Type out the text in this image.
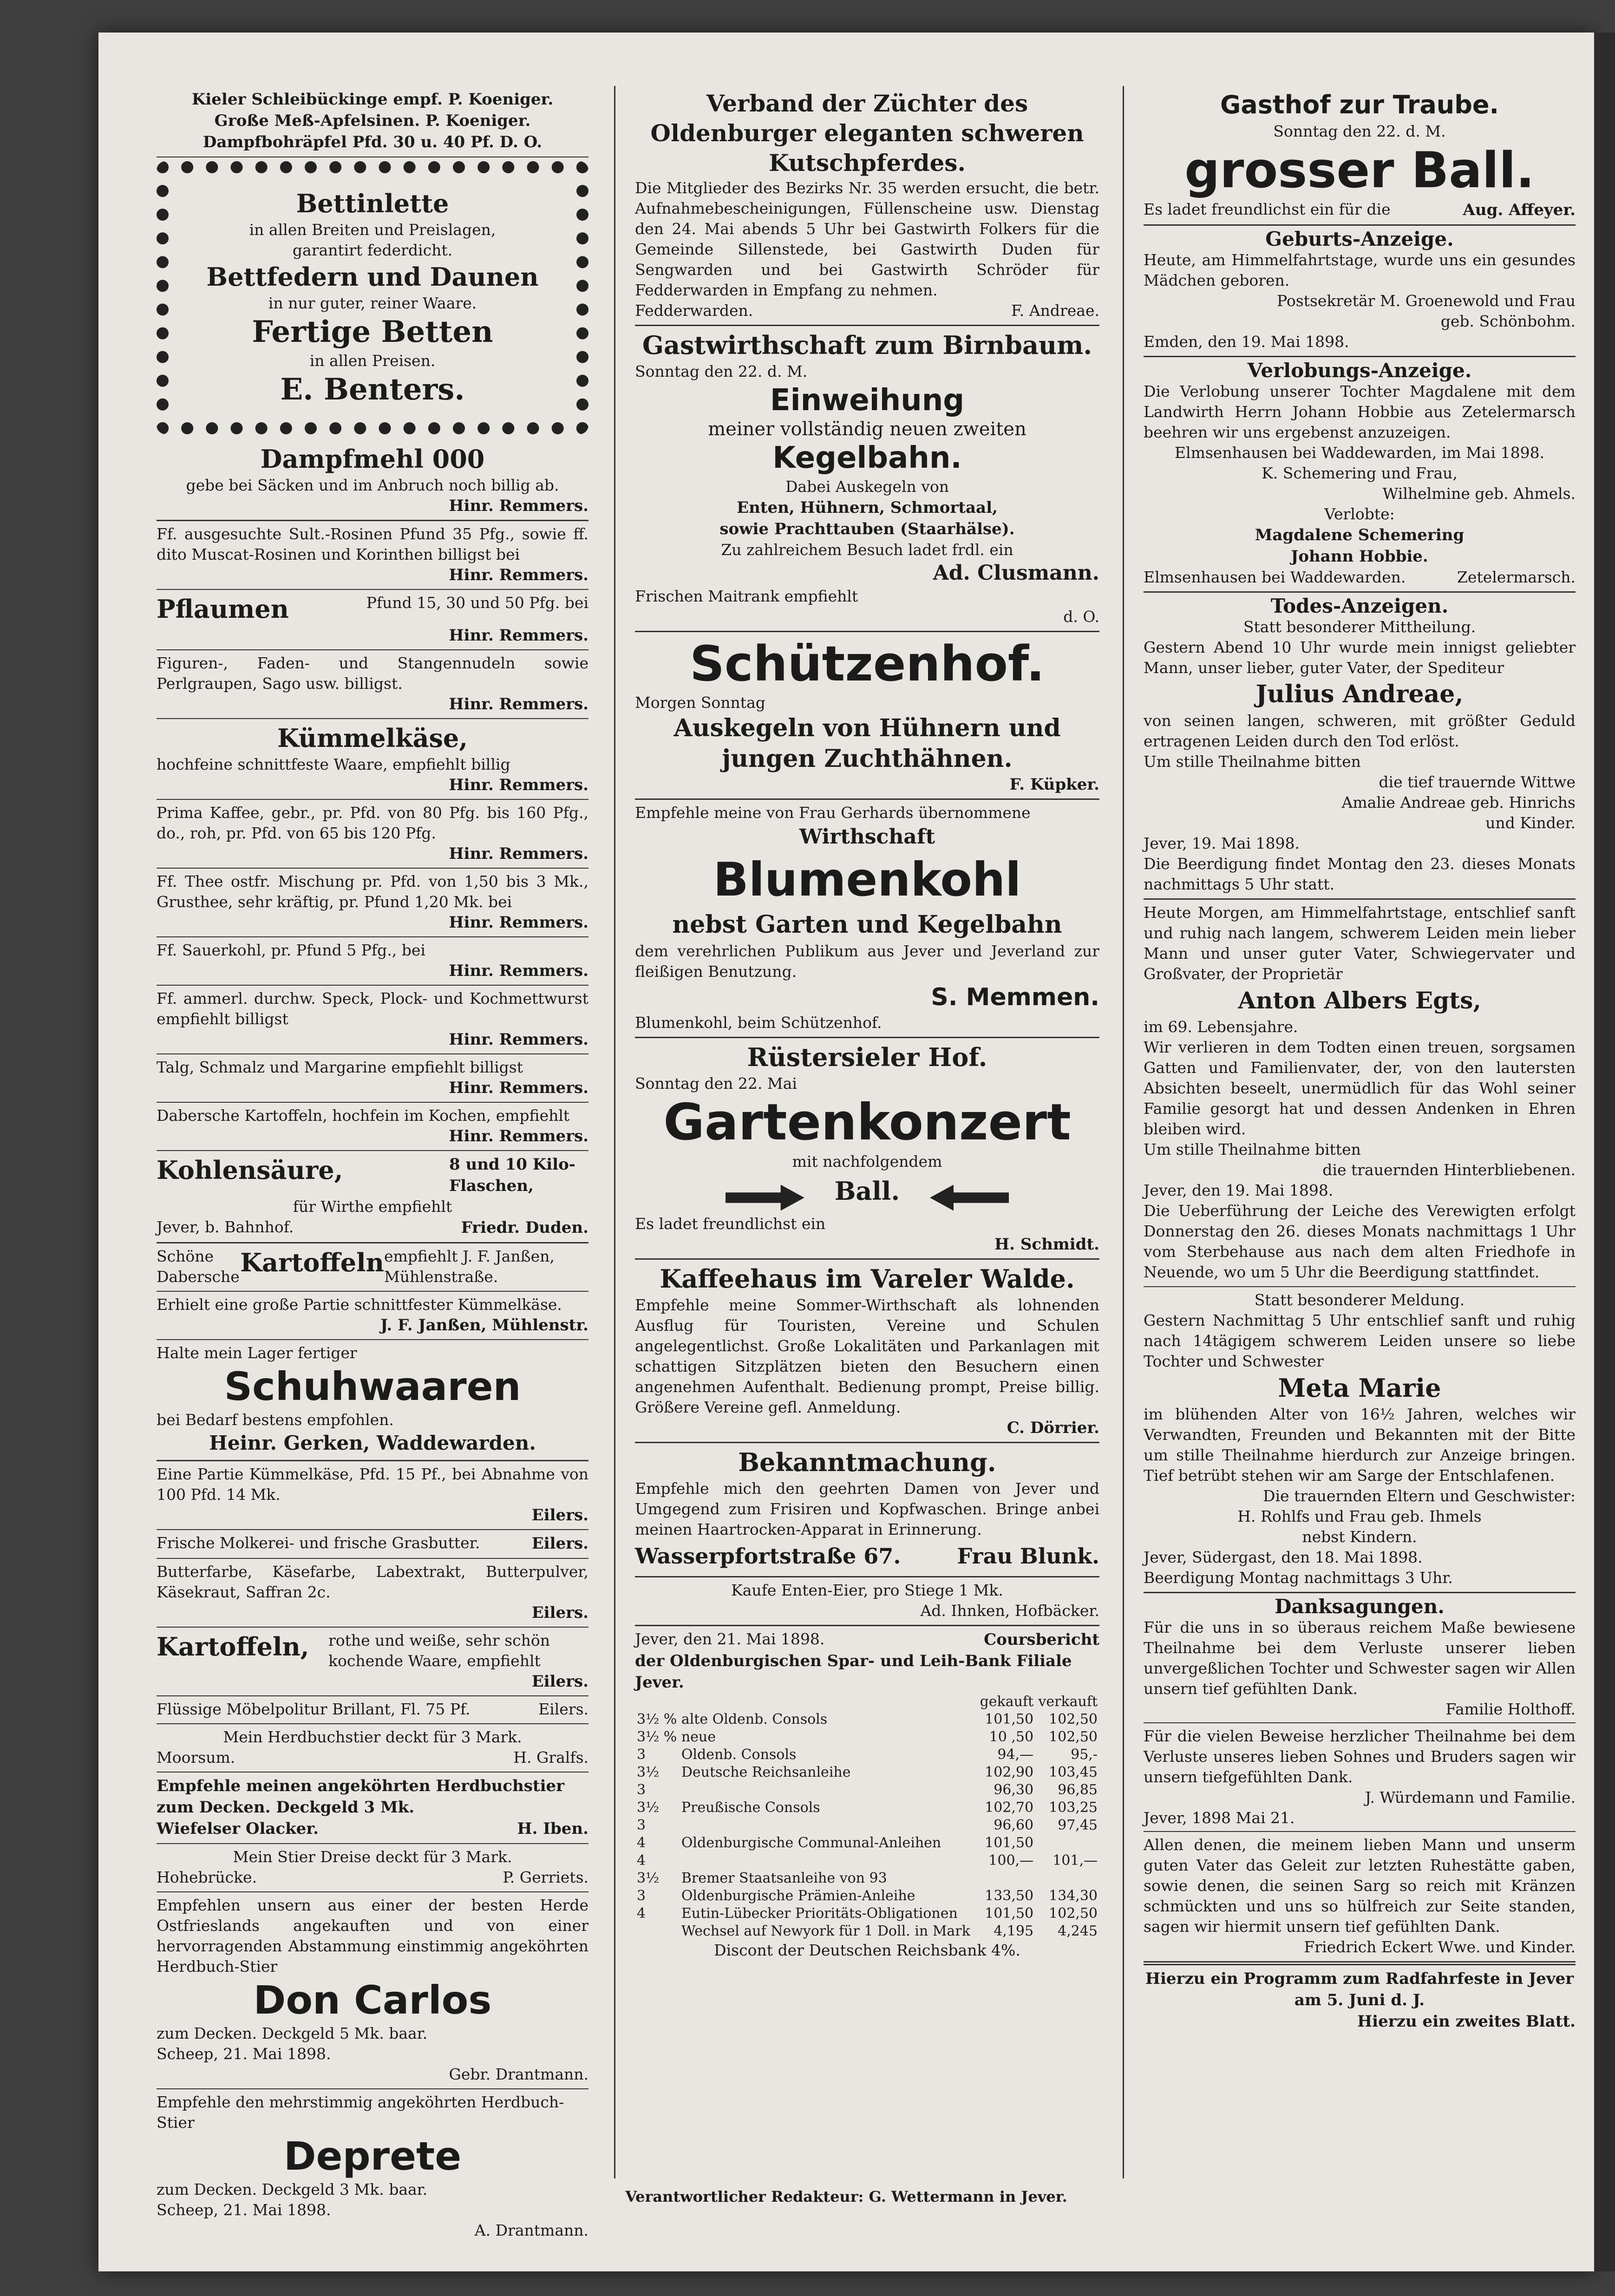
Kieler Schleibückinge empf. P. Koeniger.
Große Meß-Apfelsinen. P. Koeniger.
Dampfbohräpfel Pfd. 30 u. 40 Pf. D. O.
Bettinlette
in allen Breiten und Preislagen,
garantirt federdicht.
Bettfedern und Daunen
in nur guter, reiner Waare.
Fertige Betten
in allen Preisen.
E. Benters.
Dampfmehl 000
gebe bei Säcken und im Anbruch noch billig ab.
Hinr. Remmers.
Ff. ausgesuchte Sult.-Rosinen Pfund 35 Pfg., sowie ff. dito Muscat-Rosinen und Korinthen billigst bei
Hinr. Remmers.
Pflaumen	Pfund 15, 30 und 50 Pfg. bei
Hinr. Remmers.
Figuren-, Faden- und Stangennudeln sowie Perlgraupen, Sago usw. billigst.
Hinr. Remmers.
Kümmelkäse,
hochfeine schnittfeste Waare, empfiehlt billig
Hinr. Remmers.
Prima Kaffee, gebr., pr. Pfd. von 80 Pfg. bis 160 Pfg., do., roh, pr. Pfd. von 65 bis 120 Pfg.
Hinr. Remmers.
Ff. Thee ostfr. Mischung pr. Pfd. von 1,50 bis 3 Mk., Grusthee, sehr kräftig, pr. Pfund 1,20 Mk. bei
Hinr. Remmers.
Ff. Sauerkohl, pr. Pfund 5 Pfg., bei
Hinr. Remmers.
Ff. ammerl. durchw. Speck, Plock- und Kochmettwurst empfiehlt billigst
Hinr. Remmers.
Talg, Schmalz und Margarine empfiehlt billigst
Hinr. Remmers.
Dabersche Kartoffeln, hochfein im Kochen, empfiehlt
Hinr. Remmers.
Kohlensäure,	8 und 10 Kilo-Flaschen,
für Wirthe empfiehlt
Jever, b. Bahnhof.	Friedr. Duden.
Schöne Dabersche Kartoffeln empfiehlt J. F. Janßen, Mühlenstraße.
Erhielt eine große Partie schnittfester Kümmelkäse.
J. F. Janßen, Mühlenstr.
Halte mein Lager fertiger
Schuhwaaren
bei Bedarf bestens empfohlen.
Heinr. Gerken, Waddewarden.
Eine Partie Kümmelkäse, Pfd. 15 Pf., bei Abnahme von 100 Pfd. 14 Mk.
Eilers.
Frische Molkerei- und frische Grasbutter.	Eilers.
Butterfarbe, Käsefarbe, Labextrakt, Butterpulver, Käsekraut, Saffran 2c.
Eilers.
Kartoffeln, rothe und weiße, sehr schön kochende Waare, empfiehlt
Eilers.
Flüssige Möbelpolitur Brillant, Fl. 75 Pf.	Eilers.
Mein Herdbuchstier deckt für 3 Mark.
Moorsum.	H. Gralfs.
Empfehle meinen angeköhrten Herdbuchstier zum Decken. Deckgeld 3 Mk.
Wiefelser Olacker.	H. Iben.
Mein Stier Dreise deckt für 3 Mark.
Hohebrücke.	P. Gerriets.
Empfehlen unsern aus einer der besten Herde Ostfrieslands angekauften und von einer hervorragenden Abstammung einstimmig angeköhrten Herdbuch-Stier
Don Carlos
zum Decken. Deckgeld 5 Mk. baar.
Scheep, 21. Mai 1898.
Gebr. Drantmann.
Empfehle den mehrstimmig angeköhrten Herdbuch-Stier
Deprete
zum Decken. Deckgeld 3 Mk. baar.
Scheep, 21. Mai 1898.
A. Drantmann.
Verband der Züchter des Oldenburger eleganten schweren Kutschpferdes.
Die Mitglieder des Bezirks Nr. 35 werden ersucht, die betr. Aufnahmebescheinigungen, Füllenscheine usw. Dienstag den 24. Mai abends 5 Uhr bei Gastwirth Folkers für die Gemeinde Sillenstede, bei Gastwirth Duden für Sengwarden und bei Gastwirth Schröder für Fedderwarden in Empfang zu nehmen.
Fedderwarden.	F. Andreae.
Gastwirthschaft zum Birnbaum.
Sonntag den 22. d. M.
Einweihung
meiner vollständig neuen zweiten
Kegelbahn.
Dabei Auskegeln von
Enten, Hühnern, Schmortaal,
sowie Prachttauben (Staarhälse).
Zu zahlreichem Besuch ladet frdl. ein
Ad. Clusmann.
Frischen Maitrank empfiehlt
d. O.
Schützenhof.
Morgen Sonntag
Auskegeln von Hühnern und jungen Zuchthähnen.
F. Küpker.
Empfehle meine von Frau Gerhards übernommene
Wirthschaft
Blumenkohl
nebst Garten und Kegelbahn
dem verehrlichen Publikum aus Jever und Jeverland zur fleißigen Benutzung.
S. Memmen.
Blumenkohl, beim Schützenhof.
Rüstersieler Hof.
Sonntag den 22. Mai
Gartenkonzert
mit nachfolgendem
Ball.
Es ladet freundlichst ein
H. Schmidt.
Kaffeehaus im Vareler Walde.
Empfehle meine Sommer-Wirthschaft als lohnenden Ausflug für Touristen, Vereine und Schulen angelegentlichst. Große Lokalitäten und Parkanlagen mit schattigen Sitzplätzen bieten den Besuchern einen angenehmen Aufenthalt. Bedienung prompt, Preise billig. Größere Vereine gefl. Anmeldung.
C. Dörrier.
Bekanntmachung.
Empfehle mich den geehrten Damen von Jever und Umgegend zum Frisiren und Kopfwaschen. Bringe anbei meinen Haartrocken-Apparat in Erinnerung.
Wasserpfortstraße 67.	Frau Blunk.
Kaufe Enten-Eier, pro Stiege 1 Mk.
Ad. Ihnken, Hofbäcker.
Jever, den 21. Mai 1898.	Coursbericht
der Oldenburgischen Spar- und Leih-Bank Filiale Jever.
		gekauft	verkauft
3½ %	alte Oldenb. Consols	101,50	102,50
3½ %	neue	10 ,50	102,50
3	Oldenb. Consols	94,—	95,-
3½	Deutsche Reichsanleihe	102,90	103,45
3		96,30	96,85
3½	Preußische Consols	102,70	103,25
3		96,60	97,45
4	Oldenburgische Communal-Anleihen	101,50	
4		100,—	101,—
3½	Bremer Staatsanleihe von 93		
3	Oldenburgische Prämien-Anleihe	133,50	134,30
4	Eutin-Lübecker Prioritäts-Obligationen	101,50	102,50
	Wechsel auf Newyork für 1 Doll. in Mark	4,195	4,245
Discont der Deutschen Reichsbank 4%.
Gasthof zur Traube.
Sonntag den 22. d. M.
grosser Ball.
Es ladet freundlichst ein für die	Aug. Affeyer.
Geburts-Anzeige.
Heute, am Himmelfahrtstage, wurde uns ein gesundes Mädchen geboren.
Postsekretär M. Groenewold und Frau
geb. Schönbohm.
Emden, den 19. Mai 1898.
Verlobungs-Anzeige.
Die Verlobung unserer Tochter Magdalene mit dem Landwirth Herrn Johann Hobbie aus Zetelermarsch beehren wir uns ergebenst anzuzeigen.
Elmsenhausen bei Waddewarden, im Mai 1898.
K. Schemering und Frau,
Wilhelmine geb. Ahmels.
Verlobte:
Magdalene Schemering
Johann Hobbie.
Elmsenhausen bei Waddewarden.	Zetelermarsch.
Todes-Anzeigen.
Statt besonderer Mittheilung.
Gestern Abend 10 Uhr wurde mein innigst geliebter Mann, unser lieber, guter Vater, der Spediteur
Julius Andreae,
von seinen langen, schweren, mit größter Geduld ertragenen Leiden durch den Tod erlöst.
Um stille Theilnahme bitten
die tief trauernde Wittwe
Amalie Andreae geb. Hinrichs
und Kinder.
Jever, 19. Mai 1898.
Die Beerdigung findet Montag den 23. dieses Monats nachmittags 5 Uhr statt.
Heute Morgen, am Himmelfahrtstage, entschlief sanft und ruhig nach langem, schwerem Leiden mein lieber Mann und unser guter Vater, Schwiegervater und Großvater, der Proprietär
Anton Albers Egts,
im 69. Lebensjahre.
Wir verlieren in dem Todten einen treuen, sorgsamen Gatten und Familienvater, der, von den lautersten Absichten beseelt, unermüdlich für das Wohl seiner Familie gesorgt hat und dessen Andenken in Ehren bleiben wird.
Um stille Theilnahme bitten
die trauernden Hinterbliebenen.
Jever, den 19. Mai 1898.
Die Ueberführung der Leiche des Verewigten erfolgt Donnerstag den 26. dieses Monats nachmittags 1 Uhr vom Sterbehause aus nach dem alten Friedhofe in Neuende, wo um 5 Uhr die Beerdigung stattfindet.
Statt besonderer Meldung.
Gestern Nachmittag 5 Uhr entschlief sanft und ruhig nach 14tägigem schwerem Leiden unsere so liebe Tochter und Schwester
Meta Marie
im blühenden Alter von 16½ Jahren, welches wir Verwandten, Freunden und Bekannten mit der Bitte um stille Theilnahme hierdurch zur Anzeige bringen. Tief betrübt stehen wir am Sarge der Entschlafenen.
Die trauernden Eltern und Geschwister:
H. Rohlfs und Frau geb. Ihmels
nebst Kindern.
Jever, Südergast, den 18. Mai 1898.
Beerdigung Montag nachmittags 3 Uhr.
Danksagungen.
Für die uns in so überaus reichem Maße bewiesene Theilnahme bei dem Verluste unserer lieben unvergeßlichen Tochter und Schwester sagen wir Allen unsern tief gefühlten Dank.
Familie Holthoff.
Für die vielen Beweise herzlicher Theilnahme bei dem Verluste unseres lieben Sohnes und Bruders sagen wir unsern tiefgefühlten Dank.
J. Würdemann und Familie.
Jever, 1898 Mai 21.
Allen denen, die meinem lieben Mann und unserm guten Vater das Geleit zur letzten Ruhestätte gaben, sowie denen, die seinen Sarg so reich mit Kränzen schmückten und uns so hülfreich zur Seite standen, sagen wir hiermit unsern tief gefühlten Dank.
Friedrich Eckert Wwe. und Kinder.
Hierzu ein Programm zum Radfahrfeste in Jever am 5. Juni d. J.
Hierzu ein zweites Blatt.
Verantwortlicher Redakteur: G. Wettermann in Jever.
